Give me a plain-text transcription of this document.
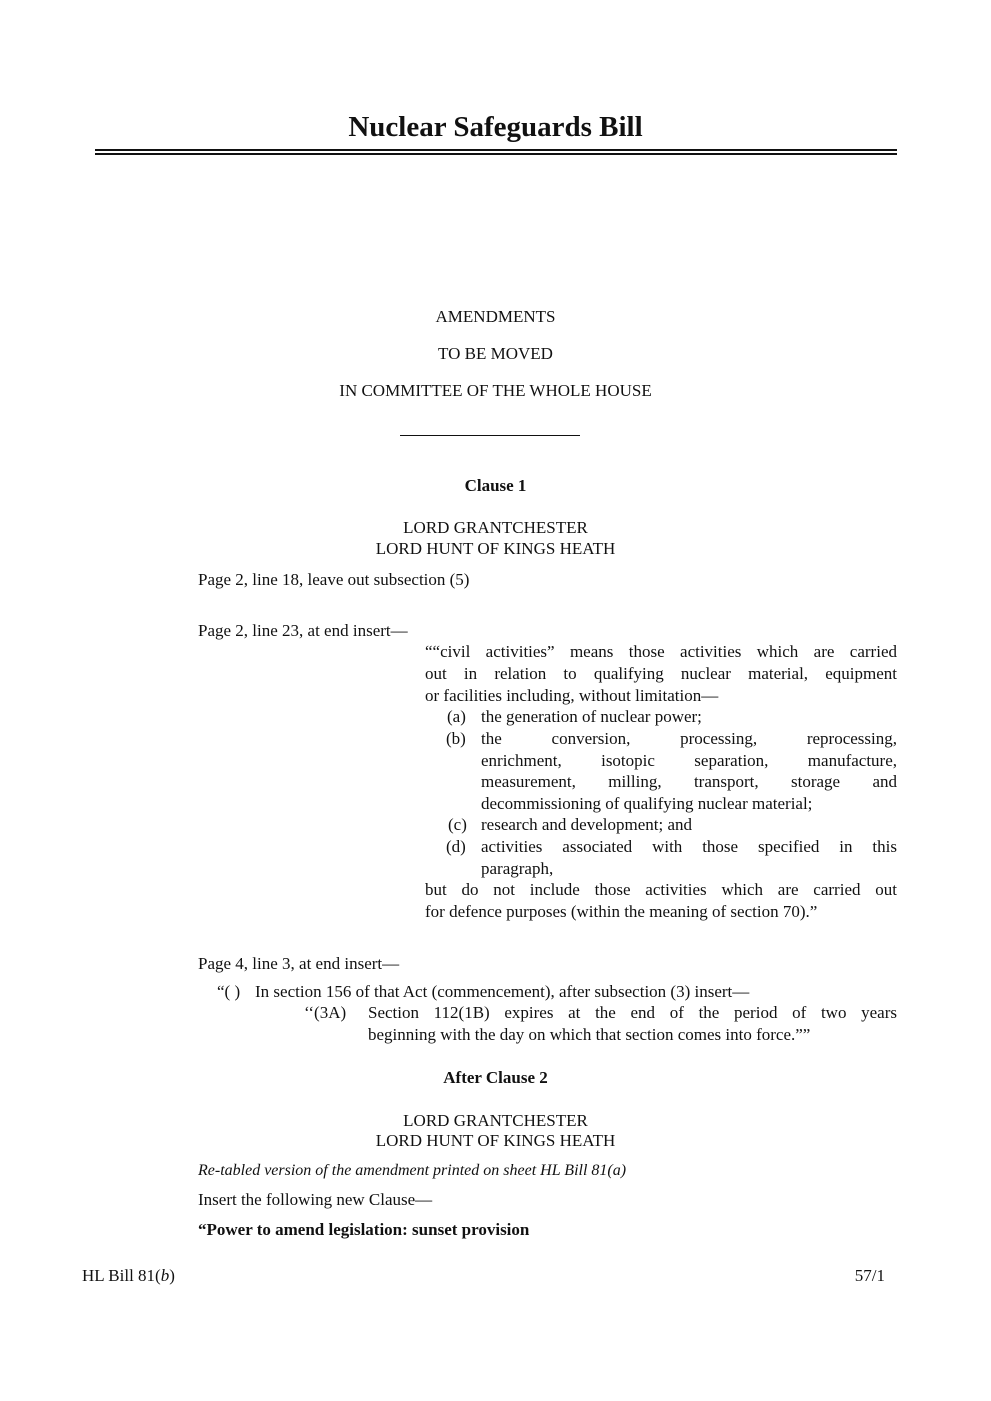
Nuclear Safeguards Bill
AMENDMENTS
TO BE MOVED
IN COMMITTEE OF THE WHOLE HOUSE
Clause 1
LORD GRANTCHESTER
LORD HUNT OF KINGS HEATH
Page 2, line 18, leave out subsection (5)
Page 2, line 23, at end insert—
““civil activities” means those activities which are carried
out in relation to qualifying nuclear material, equipment
or facilities including, without limitation—
(a) the generation of nuclear power;
(b) the conversion, processing, reprocessing,
enrichment, isotopic separation, manufacture,
measurement, milling, transport, storage and
decommissioning of qualifying nuclear material;
(c) research and development; and
(d) activities associated with those specified in this
paragraph,
but do not include those activities which are carried out
for defence purposes (within the meaning of section 70).”
Page 4, line 3, at end insert—
“( ) In section 156 of that Act (commencement), after subsection (3) insert—
‘‘(3A) Section 112(1B) expires at the end of the period of two years
beginning with the day on which that section comes into force.””
After Clause 2
LORD GRANTCHESTER
LORD HUNT OF KINGS HEATH
Re-tabled version of the amendment printed on sheet HL Bill 81(a)
Insert the following new Clause—
“Power to amend legislation: sunset provision
HL Bill 81(b)	57/1
